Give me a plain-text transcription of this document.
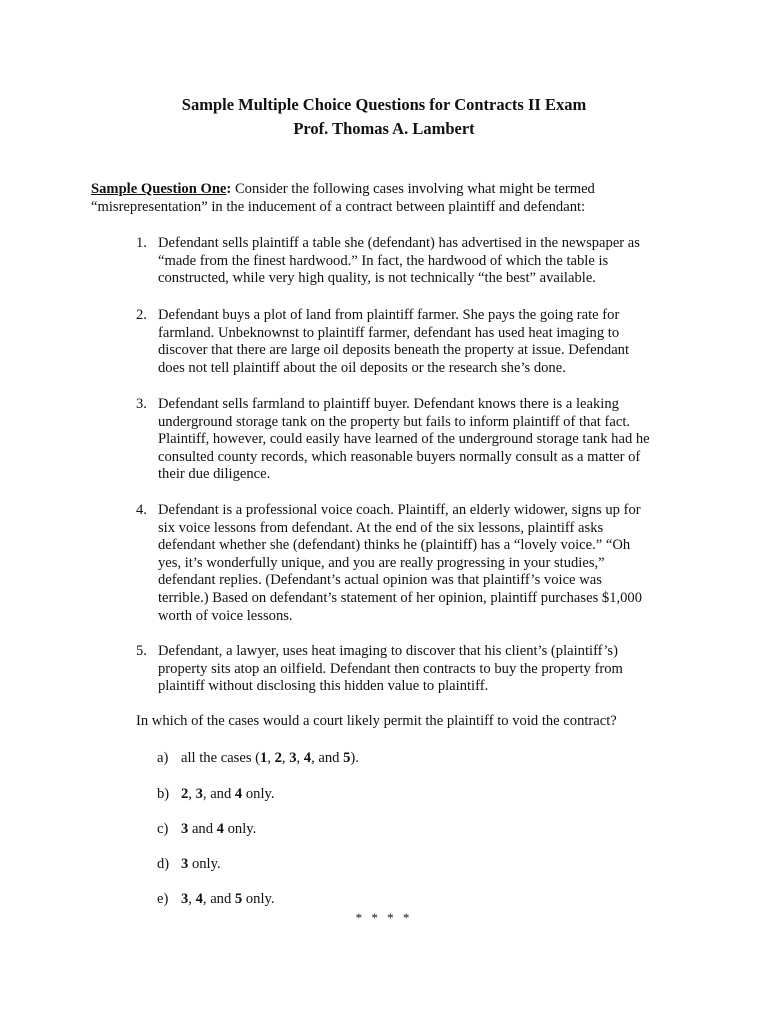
Sample Multiple Choice Questions for Contracts II Exam
Prof. Thomas A. Lambert
Sample Question One: Consider the following cases involving what might be termed “misrepresentation” in the inducement of a contract between plaintiff and defendant:
1. Defendant sells plaintiff a table she (defendant) has advertised in the newspaper as “made from the finest hardwood.” In fact, the hardwood of which the table is constructed, while very high quality, is not technically “the best” available.
2. Defendant buys a plot of land from plaintiff farmer. She pays the going rate for farmland. Unbeknownst to plaintiff farmer, defendant has used heat imaging to discover that there are large oil deposits beneath the property at issue. Defendant does not tell plaintiff about the oil deposits or the research she’s done.
3. Defendant sells farmland to plaintiff buyer. Defendant knows there is a leaking underground storage tank on the property but fails to inform plaintiff of that fact. Plaintiff, however, could easily have learned of the underground storage tank had he consulted county records, which reasonable buyers normally consult as a matter of their due diligence.
4. Defendant is a professional voice coach. Plaintiff, an elderly widower, signs up for six voice lessons from defendant. At the end of the six lessons, plaintiff asks defendant whether she (defendant) thinks he (plaintiff) has a “lovely voice.” “Oh yes, it’s wonderfully unique, and you are really progressing in your studies,” defendant replies. (Defendant’s actual opinion was that plaintiff’s voice was terrible.) Based on defendant’s statement of her opinion, plaintiff purchases $1,000 worth of voice lessons.
5. Defendant, a lawyer, uses heat imaging to discover that his client’s (plaintiff’s) property sits atop an oilfield. Defendant then contracts to buy the property from plaintiff without disclosing this hidden value to plaintiff.
In which of the cases would a court likely permit the plaintiff to void the contract?
a) all the cases (1, 2, 3, 4, and 5).
b) 2, 3, and 4 only.
c) 3 and 4 only.
d) 3 only.
e) 3, 4, and 5 only.
* * * *
